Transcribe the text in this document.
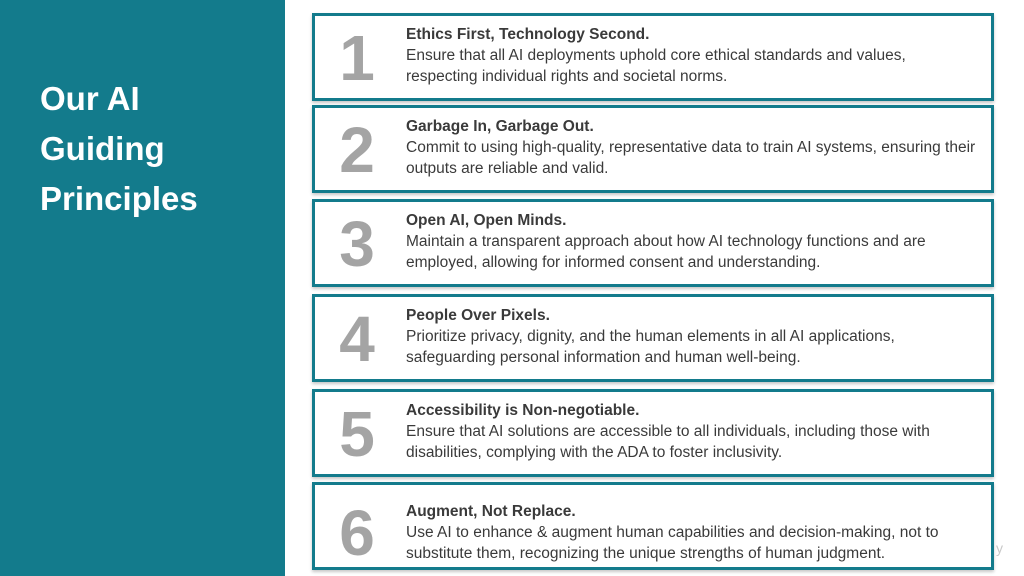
Our AI
Guiding
Principles
1 Ethics First, Technology Second.
Ensure that all AI deployments uphold core ethical standards and values, respecting individual rights and societal norms.
2 Garbage In, Garbage Out.
Commit to using high-quality, representative data to train AI systems, ensuring their outputs are reliable and valid.
3 Open AI, Open Minds.
Maintain a transparent approach about how AI technology functions and are employed, allowing for informed consent and understanding.
4 People Over Pixels.
Prioritize privacy, dignity, and the human elements in all AI applications, safeguarding personal information and human well-being.
5 Accessibility is Non-negotiable.
Ensure that AI solutions are accessible to all individuals, including those with disabilities, complying with the ADA to foster inclusivity.
6 Augment, Not Replace.
Use AI to enhance & augment human capabilities and decision-making, not to substitute them, recognizing the unique strengths of human judgment.	y
